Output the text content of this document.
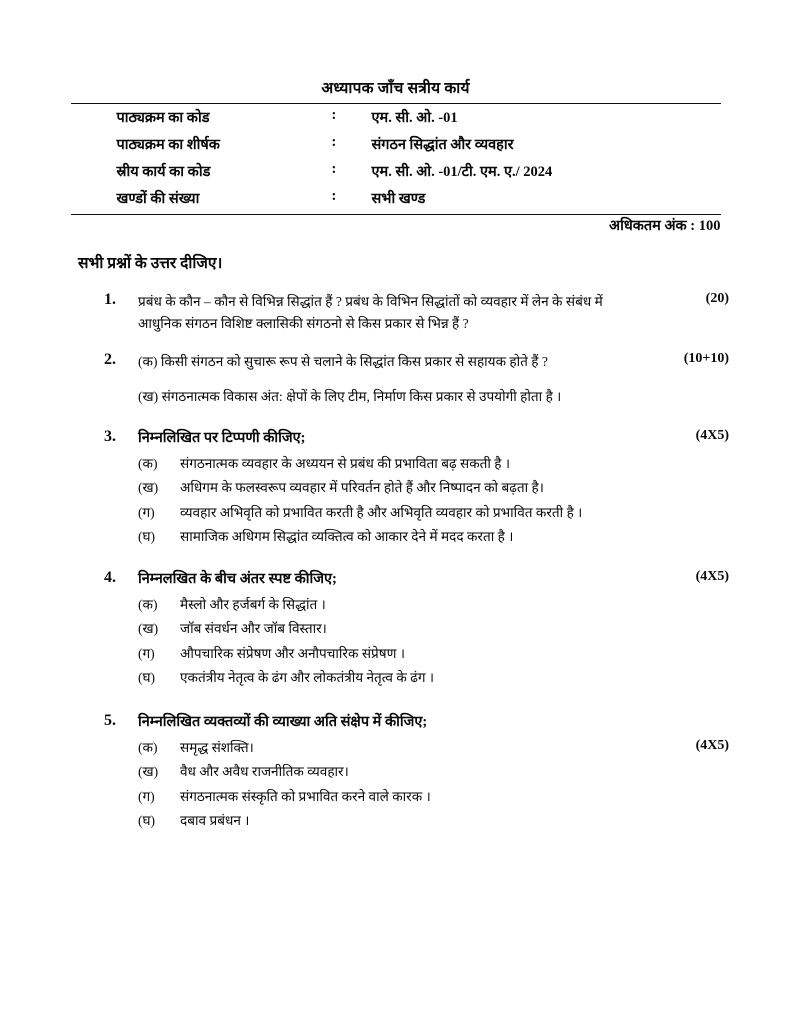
अध्यापक जाँच सत्रीय कार्य
पाठ्यक्रम का कोड	:	एम. सी. ओ. -01
पाठ्यक्रम का शीर्षक	:	संगठन सिद्धांत और व्यवहार
स्रीय कार्य का कोड	:	एम. सी. ओ. -01/टी. एम. ए./ 2024
खण्डों की संख्या	:	सभी खण्ड
अधिकतम अंक : 100

सभी प्रश्नों के उत्तर दीजिए।

1.	(20)
प्रबंध के कौन – कौन से विभिन्न सिद्धांत हैं ? प्रबंध के विभिन सिद्धांतों को व्यवहार में लेन के संबंध में
आधुनिक संगठन विशिष्ट क्लासिकी संगठनो से किस प्रकार से भिन्न हैं ?
2.	(10+10)
(क) किसी संगठन को सुचारू रूप से चलाने के सिद्धांत किस प्रकार से सहायक होते हैं ?
(ख) संगठनात्मक विकास अंत: क्षेपों के लिए टीम, निर्माण किस प्रकार से उपयोगी होता है ।
3.	(4X5)
निम्नलिखित पर टिप्पणी कीजिए;
(क)	संगठनात्मक व्यवहार के अध्ययन से प्रबंध की प्रभाविता बढ़ सकती है ।
(ख)	अधिगम के फलस्वरूप व्यवहार में परिवर्तन होते हैं और निष्पादन को बढ़ता है।
(ग)	व्यवहार अभिवृति को प्रभावित करती है और अभिवृति व्यवहार को प्रभावित करती है ।
(घ)	सामाजिक अधिगम सिद्धांत व्यक्तित्व को आकार देने में मदद करता है ।
4.	(4X5)
निम्नलखित के बीच अंतर स्पष्ट कीजिए;
(क)	मैस्लो और हर्जबर्ग के सिद्धांत ।
(ख)	जॉब संवर्धन और जॉब विस्तार।
(ग)	औपचारिक संप्रेषण और अनौपचारिक संप्रेषण ।
(घ)	एकतंत्रीय नेतृत्व के ढंग और लोकतंत्रीय नेतृत्व के ढंग ।
5.	निम्नलिखित व्यक्तव्यों की व्याख्या अति संक्षेप में कीजिए;
(4X5)
(क)	समृद्ध संशक्ति।
(ख)	वैध और अवैध राजनीतिक व्यवहार।
(ग)	संगठनात्मक संस्कृति को प्रभावित करने वाले कारक ।
(घ)	दबाव प्रबंधन ।
